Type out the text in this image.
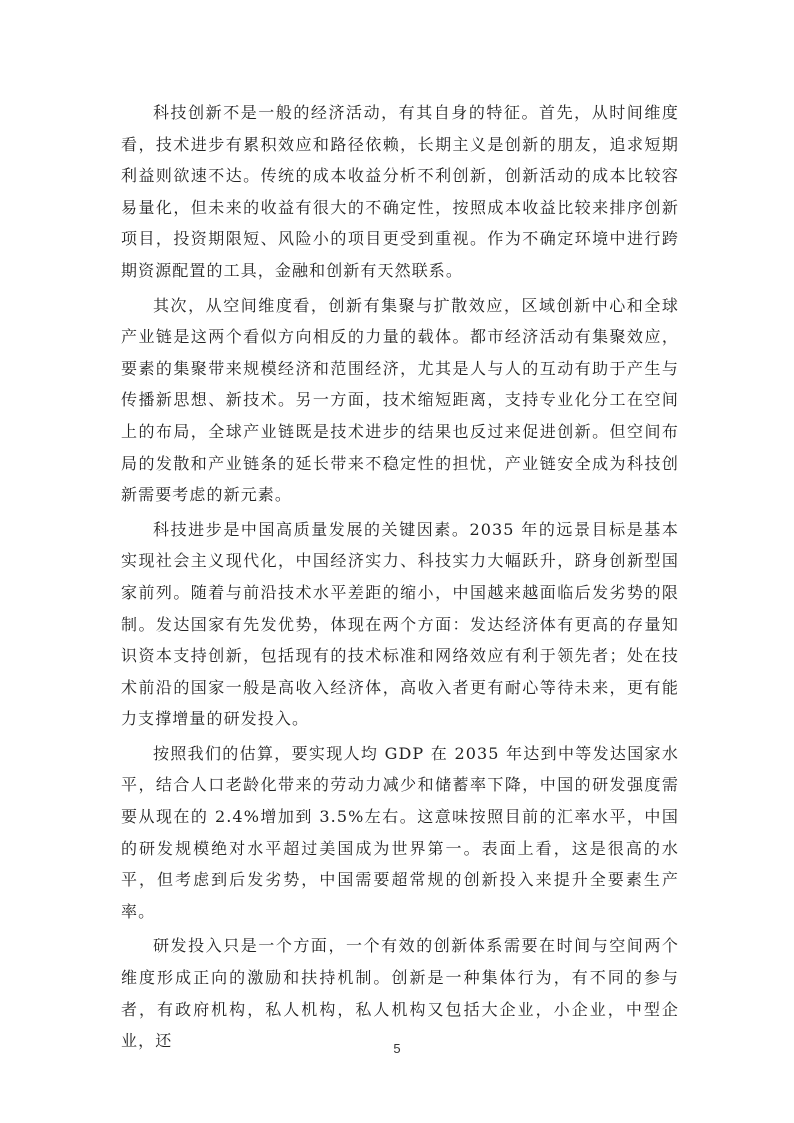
科技创新不是一般的经济活动，有其自身的特征。首先，从时间维度看，技术进步有累积效应和路径依赖，长期主义是创新的朋友，追求短期利益则欲速不达。传统的成本收益分析不利创新，创新活动的成本比较容易量化，但未来的收益有很大的不确定性，按照成本收益比较来排序创新项目，投资期限短、风险小的项目更受到重视。作为不确定环境中进行跨期资源配置的工具，金融和创新有天然联系。

其次，从空间维度看，创新有集聚与扩散效应，区域创新中心和全球产业链是这两个看似方向相反的力量的载体。都市经济活动有集聚效应，要素的集聚带来规模经济和范围经济，尤其是人与人的互动有助于产生与传播新思想、新技术。另一方面，技术缩短距离，支持专业化分工在空间上的布局，全球产业链既是技术进步的结果也反过来促进创新。但空间布局的发散和产业链条的延长带来不稳定性的担忧，产业链安全成为科技创新需要考虑的新元素。

科技进步是中国高质量发展的关键因素。2035 年的远景目标是基本实现社会主义现代化，中国经济实力、科技实力大幅跃升，跻身创新型国家前列。随着与前沿技术水平差距的缩小，中国越来越面临后发劣势的限制。发达国家有先发优势，体现在两个方面：发达经济体有更高的存量知识资本支持创新，包括现有的技术标准和网络效应有利于领先者；处在技术前沿的国家一般是高收入经济体，高收入者更有耐心等待未来，更有能力支撑增量的研发投入。

按照我们的估算，要实现人均 GDP 在 2035 年达到中等发达国家水平，结合人口老龄化带来的劳动力减少和储蓄率下降，中国的研发强度需要从现在的 2.4%增加到 3.5%左右。这意味按照目前的汇率水平，中国的研发规模绝对水平超过美国成为世界第一。表面上看，这是很高的水平，但考虑到后发劣势，中国需要超常规的创新投入来提升全要素生产率。

研发投入只是一个方面，一个有效的创新体系需要在时间与空间两个维度形成正向的激励和扶持机制。创新是一种集体行为，有不同的参与者，有政府机构，私人机构，私人机构又包括大企业，小企业，中型企业，还	5
